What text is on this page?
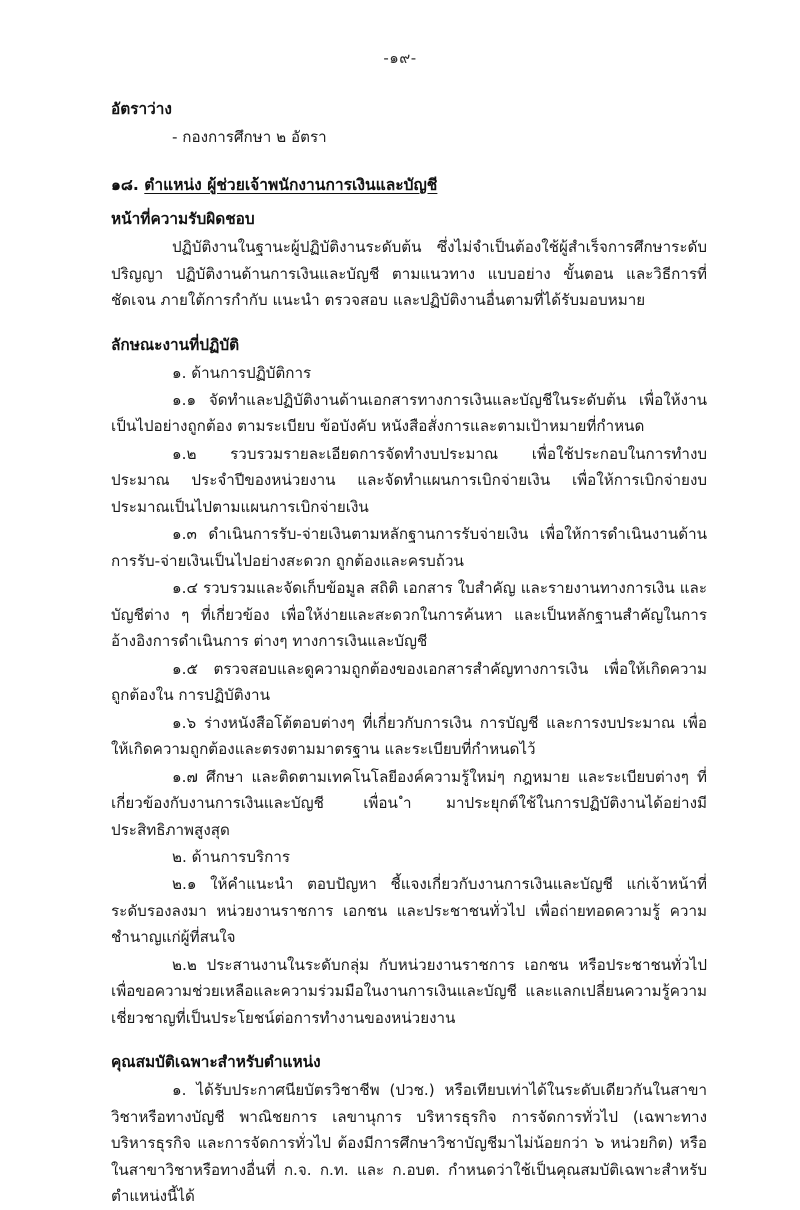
-๑๙-
อัตราว่าง
- กองการศึกษา ๒ อัตรา
๑๘. ตำแหน่ง ผู้ช่วยเจ้าพนักงานการเงินและบัญชี
หน้าที่ความรับผิดชอบ
ปฏิบัติงานในฐานะผู้ปฏิบัติงานระดับต้น ซึ่งไม่จำเป็นต้องใช้ผู้สำเร็จการศึกษาระดับปริญญา ปฏิบัติงานด้านการเงินและบัญชี ตามแนวทาง แบบอย่าง ขั้นตอน และวิธีการที่ชัดเจน ภายใต้การกำกับ แนะนำ ตรวจสอบ และปฏิบัติงานอื่นตามที่ได้รับมอบหมาย
ลักษณะงานที่ปฏิบัติ
๑. ด้านการปฏิบัติการ
๑.๑ จัดทำและปฏิบัติงานด้านเอกสารทางการเงินและบัญชีในระดับต้น เพื่อให้งาน เป็นไปอย่างถูกต้อง ตามระเบียบ ข้อบังคับ หนังสือสั่งการและตามเป้าหมายที่กำหนด
๑.๒ รวบรวมรายละเอียดการจัดทำงบประมาณ เพื่อใช้ประกอบในการทำงบประมาณ ประจำปีของหน่วยงาน และจัดทำแผนการเบิกจ่ายเงิน เพื่อให้การเบิกจ่ายงบประมาณเป็นไปตามแผนการเบิกจ่ายเงิน
๑.๓ ดำเนินการรับ-จ่ายเงินตามหลักฐานการรับจ่ายเงิน เพื่อให้การดำเนินงานด้านการรับ-จ่ายเงินเป็นไปอย่างสะดวก ถูกต้องและครบถ้วน
๑.๔ รวบรวมและจัดเก็บข้อมูล สถิติ เอกสาร ใบสำคัญ และรายงานทางการเงิน และบัญชีต่าง ๆ ที่เกี่ยวข้อง เพื่อให้ง่ายและสะดวกในการค้นหา และเป็นหลักฐานสำคัญในการอ้างอิงการดำเนินการ ต่างๆ ทางการเงินและบัญชี
๑.๕ ตรวจสอบและดูความถูกต้องของเอกสารสำคัญทางการเงิน เพื่อให้เกิดความ ถูกต้องใน การปฏิบัติงาน
๑.๖ ร่างหนังสือโต้ตอบต่างๆ ที่เกี่ยวกับการเงิน การบัญชี และการงบประมาณ เพื่อให้เกิดความถูกต้องและตรงตามมาตรฐาน และระเบียบที่กำหนดไว้
๑.๗ ศึกษา และติดตามเทคโนโลยีองค์ความรู้ใหม่ๆ กฎหมาย และระเบียบต่างๆ ที่ เกี่ยวข้องกับงานการเงินและบัญชี เพื่อน ำมาประยุกต์ใช้ในการปฏิบัติงานได้อย่างมีประสิทธิภาพสูงสุด
๒. ด้านการบริการ
๒.๑ ให้คำแนะนำ ตอบปัญหา ชี้แจงเกี่ยวกับงานการเงินและบัญชี แก่เจ้าหน้าที่ระดับรองลงมา หน่วยงานราชการ เอกชน และประชาชนทั่วไป เพื่อถ่ายทอดความรู้ ความชำนาญแก่ผู้ที่สนใจ
๒.๒ ประสานงานในระดับกลุ่ม กับหน่วยงานราชการ เอกชน หรือประชาชนทั่วไป เพื่อขอความช่วยเหลือและความร่วมมือในงานการเงินและบัญชี และแลกเปลี่ยนความรู้ความเชี่ยวชาญที่เป็นประโยชน์ต่อการทำงานของหน่วยงาน
คุณสมบัติเฉพาะสำหรับตำแหน่ง
๑. ได้รับประกาศนียบัตรวิชาชีพ (ปวช.) หรือเทียบเท่าได้ในระดับเดียวกันในสาขาวิชาหรือทางบัญชี พาณิชยการ เลขานุการ บริหารธุรกิจ การจัดการทั่วไป (เฉพาะทางบริหารธุรกิจ และการจัดการทั่วไป ต้องมีการศึกษาวิชาบัญชีมาไม่น้อยกว่า ๖ หน่วยกิต) หรือในสาขาวิชาหรือทางอื่นที่ ก.จ. ก.ท. และ ก.อบต. กำหนดว่าใช้เป็นคุณสมบัติเฉพาะสำหรับตำแหน่งนี้ได้
